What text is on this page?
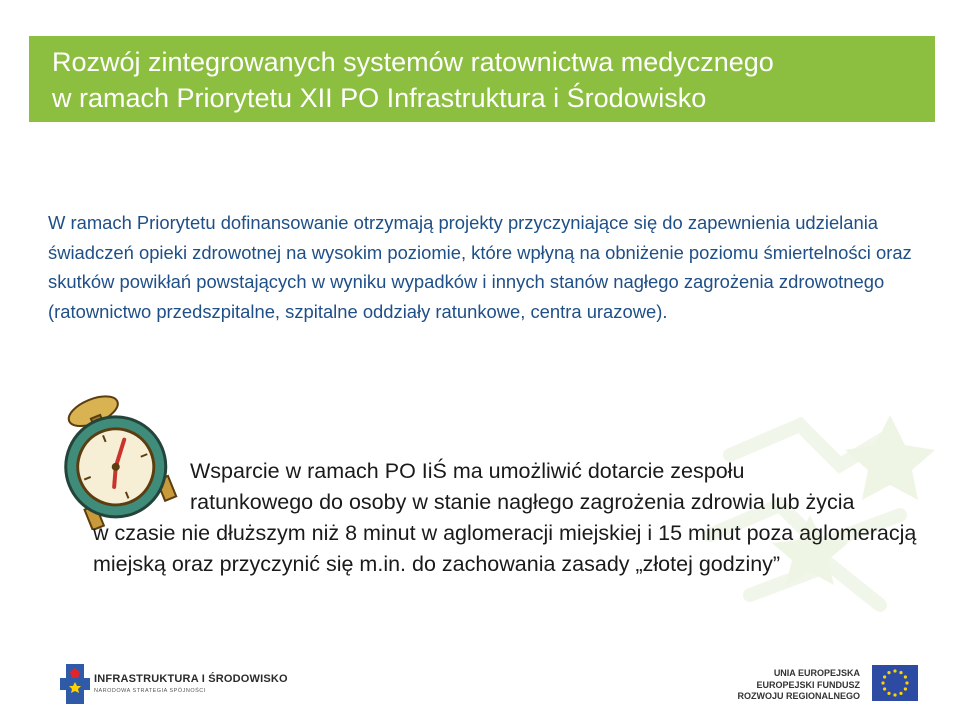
Rozwój zintegrowanych systemów ratownictwa medycznego
w ramach Priorytetu XII PO Infrastruktura i Środowisko

W ramach Priorytetu dofinansowanie otrzymają projekty przyczyniające się do zapewnienia udzielania świadczeń opieki zdrowotnej na wysokim poziomie, które wpłyną na obniżenie poziomu śmiertelności oraz skutków powikłań powstających w wyniku wypadków i innych stanów nagłego zagrożenia zdrowotnego (ratownictwo przedszpitalne, szpitalne oddziały ratunkowe, centra urazowe).

Wsparcie w ramach PO IiŚ ma umożliwić dotarcie zespołu
ratunkowego do osoby w stanie nagłego zagrożenia zdrowia lub życia
w czasie nie dłuższym niż 8 minut w aglomeracji miejskiej i 15 minut poza aglomeracją miejską oraz przyczynić się m.in. do zachowania zasady „złotej godziny”

INFRASTRUKTURA I ŚRODOWISKO
NARODOWA STRATEGIA SPÓJNOŚCI
UNIA EUROPEJSKA
EUROPEJSKI FUNDUSZ
ROZWOJU REGIONALNEGO
